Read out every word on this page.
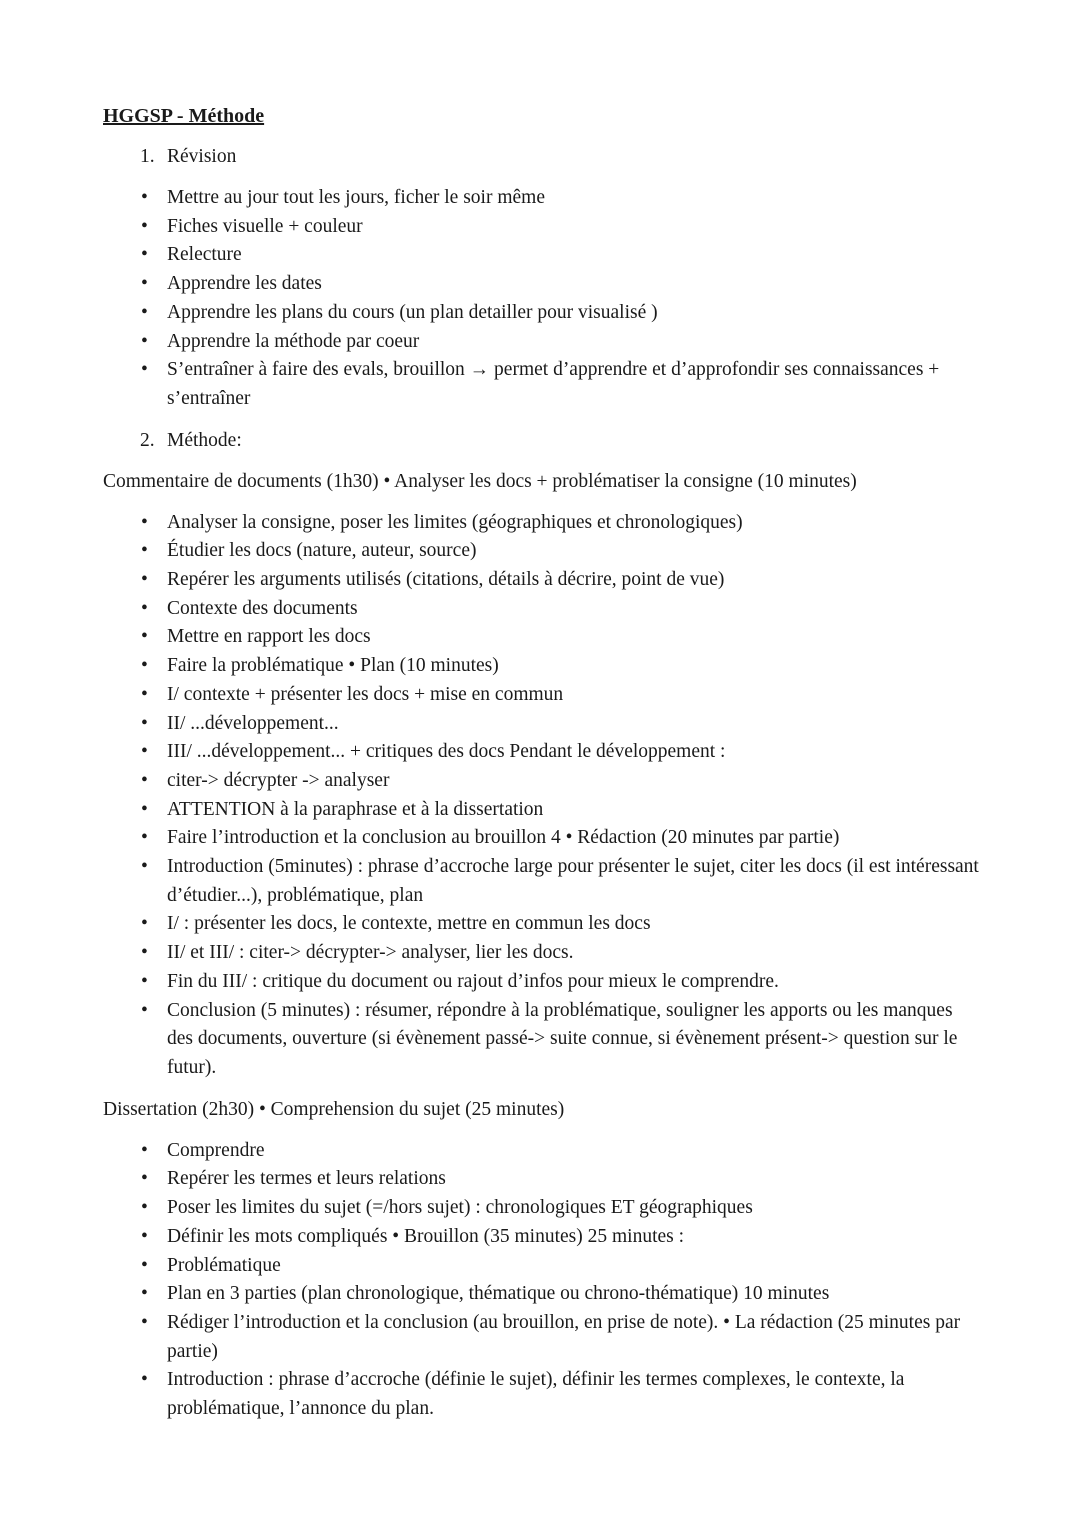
HGGSP - Méthode
1. Révision
• Mettre au jour tout les jours, ficher le soir même
• Fiches visuelle + couleur
• Relecture
• Apprendre les dates
• Apprendre les plans du cours (un plan detailler pour visualisé )
• Apprendre la méthode par coeur
• S’entraîner à faire des evals, brouillon → permet d’apprendre et d’approfondir ses connaissances + s’entraîner
2. Méthode:

Commentaire de documents (1h30) • Analyser les docs + problématiser la consigne (10 minutes)

• Analyser la consigne, poser les limites (géographiques et chronologiques)
• Étudier les docs (nature, auteur, source)
• Repérer les arguments utilisés (citations, détails à décrire, point de vue)
• Contexte des documents
• Mettre en rapport les docs
• Faire la problématique • Plan (10 minutes)
• I/ contexte + présenter les docs + mise en commun
• II/ ...développement...
• III/ ...développement... + critiques des docs Pendant le développement :
• citer-> décrypter -> analyser
• ATTENTION à la paraphrase et à la dissertation
• Faire l’introduction et la conclusion au brouillon 4 • Rédaction (20 minutes par partie)
• Introduction (5minutes) : phrase d’accroche large pour présenter le sujet, citer les docs (il est intéressant d’étudier...), problématique, plan
• I/ : présenter les docs, le contexte, mettre en commun les docs
• II/ et III/ : citer-> décrypter-> analyser, lier les docs.
• Fin du III/ : critique du document ou rajout d’infos pour mieux le comprendre.
• Conclusion (5 minutes) : résumer, répondre à la problématique, souligner les apports ou les manques des documents, ouverture (si évènement passé-> suite connue, si évènement présent-> question sur le futur).

Dissertation (2h30) • Comprehension du sujet (25 minutes)

• Comprendre
• Repérer les termes et leurs relations
• Poser les limites du sujet (=/hors sujet) : chronologiques ET géographiques
• Définir les mots compliqués • Brouillon (35 minutes) 25 minutes :
• Problématique
• Plan en 3 parties (plan chronologique, thématique ou chrono-thématique) 10 minutes
• Rédiger l’introduction et la conclusion (au brouillon, en prise de note). • La rédaction (25 minutes par partie)
• Introduction : phrase d’accroche (définie le sujet), définir les termes complexes, le contexte, la problématique, l’annonce du plan.
